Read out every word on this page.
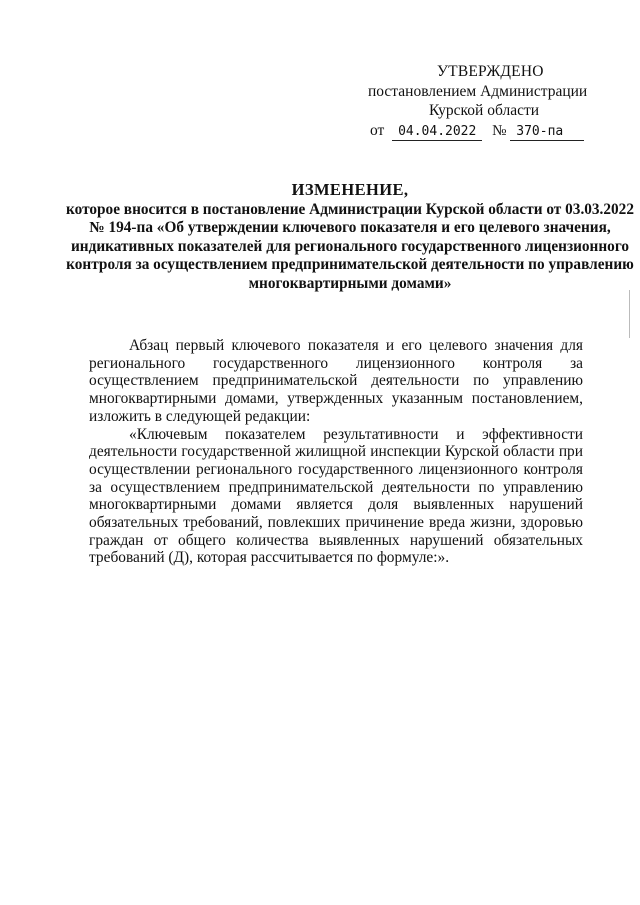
УТВЕРЖДЕНО
постановлением Администрации
Курской области
от 04.04.2022 № 370-па
ИЗМЕНЕНИЕ,
которое вносится в постановление Администрации Курской области от 03.03.2022 № 194-па «Об утверждении ключевого показателя и его целевого значения, индикативных показателей для регионального государственного лицензионного контроля за осуществлением предпринимательской деятельности по управлению многоквартирными домами»

Абзац первый ключевого показателя и его целевого значения для регионального государственного лицензионного контроля за осуществлением предпринимательской деятельности по управлению многоквартирными домами, утвержденных указанным постановлением, изложить в следующей редакции:

«Ключевым показателем результативности и эффективности деятельности государственной жилищной инспекции Курской области при осуществлении регионального государственного лицензионного контроля за осуществлением предпринимательской деятельности по управлению многоквартирными домами является доля выявленных нарушений обязательных требований, повлекших причинение вреда жизни, здоровью граждан от общего количества выявленных нарушений обязательных требований (Д), которая рассчитывается по формуле:».
